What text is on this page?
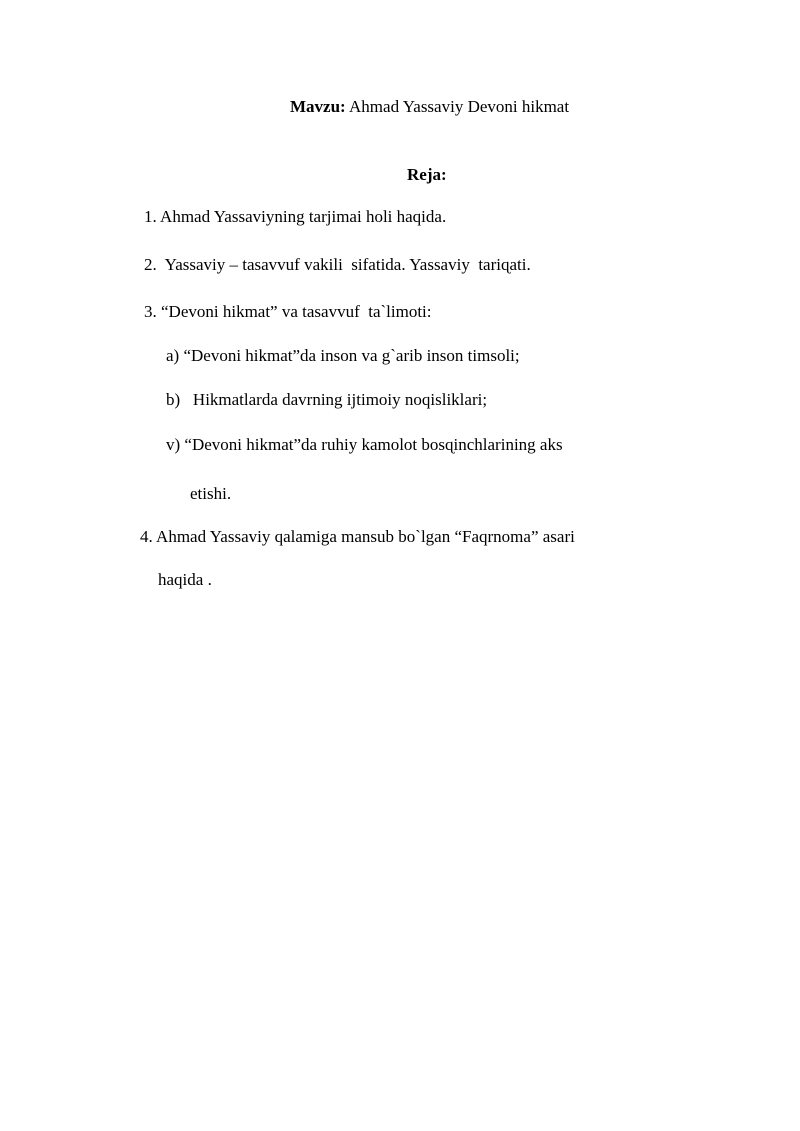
Mavzu: Ahmad Yassaviy Devoni hikmat

Reja:
1. Ahmad Yassaviyning tarjimai holi haqida.
2.  Yassaviy – tasavvuf vakili  sifatida. Yassaviy  tariɋati.
3. “Devoni hikmat” va tasavvuf  ta`limoti:
a) “Devoni hikmat”da inson va g`arib inson timsoli;
b)   Hikmatlarda davrning ijtimoiy noqisliklari;
v) “Devoni hikmat”da ruhiy kamolot bosɋinchlarining aks
etishi.
4. Ahmad Yassaviy qalamiga mansub bo`lgan “Faqrnoma” asari
haqida .
